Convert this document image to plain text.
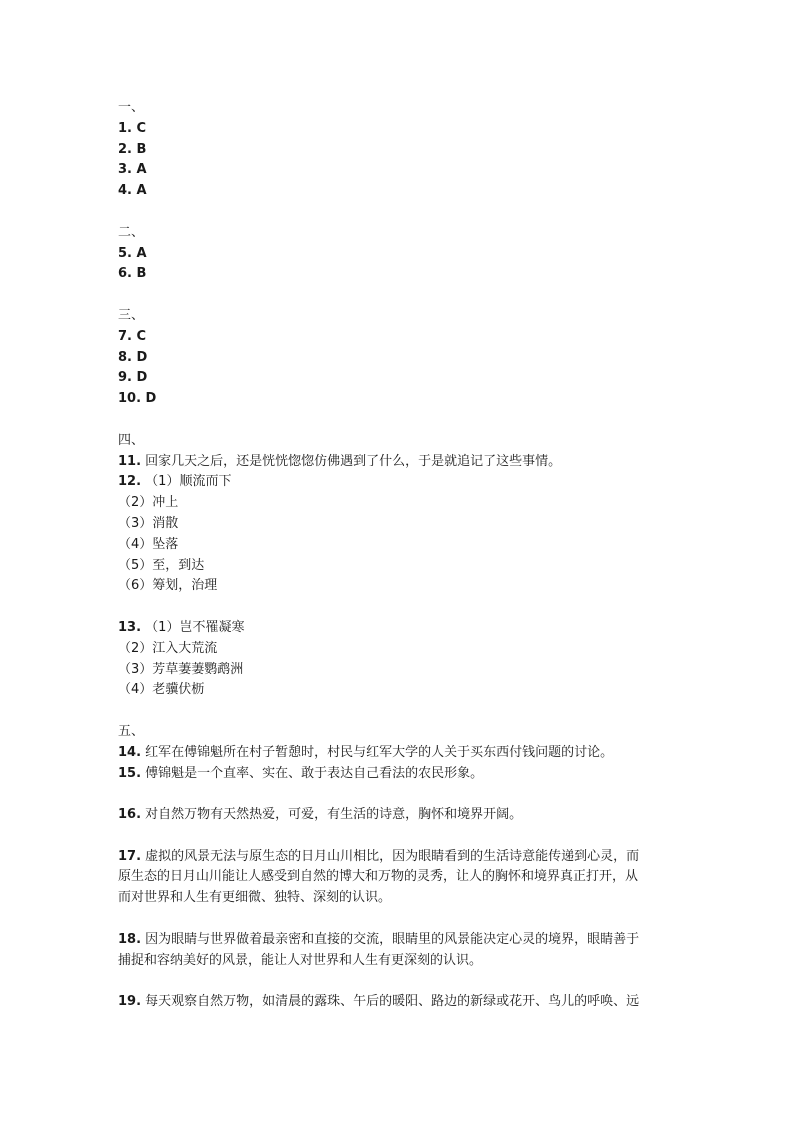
一、
1. C
2. B
3. A
4. A
二、
5. A
6. B
三、
7. C
8. D
9. D
10. D
四、
11. 回家几天之后，还是恍恍惚惚仿佛遇到了什么，于是就追记了这些事情。
12. （1）顺流而下
（2）冲上
（3）消散
（4）坠落
（5）至，到达
（6）筹划，治理
13. （1）岂不罹凝寒
（2）江入大荒流
（3）芳草萋萋鹦鹉洲
（4）老骥伏枥
五、
14. 红军在傅锦魁所在村子暂憩时，村民与红军大学的人关于买东西付钱问题的讨论。
15. 傅锦魁是一个直率、实在、敢于表达自己看法的农民形象。
16. 对自然万物有天然热爱，可爱，有生活的诗意，胸怀和境界开阔。
17. 虚拟的风景无法与原生态的日月山川相比，因为眼睛看到的生活诗意能传递到心灵，而
原生态的日月山川能让人感受到自然的博大和万物的灵秀，让人的胸怀和境界真正打开，从
而对世界和人生有更细微、独特、深刻的认识。
18. 因为眼睛与世界做着最亲密和直接的交流，眼睛里的风景能决定心灵的境界，眼睛善于
捕捉和容纳美好的风景，能让人对世界和人生有更深刻的认识。
19. 每天观察自然万物，如清晨的露珠、午后的暖阳、路边的新绿或花开、鸟儿的呼唤、远
